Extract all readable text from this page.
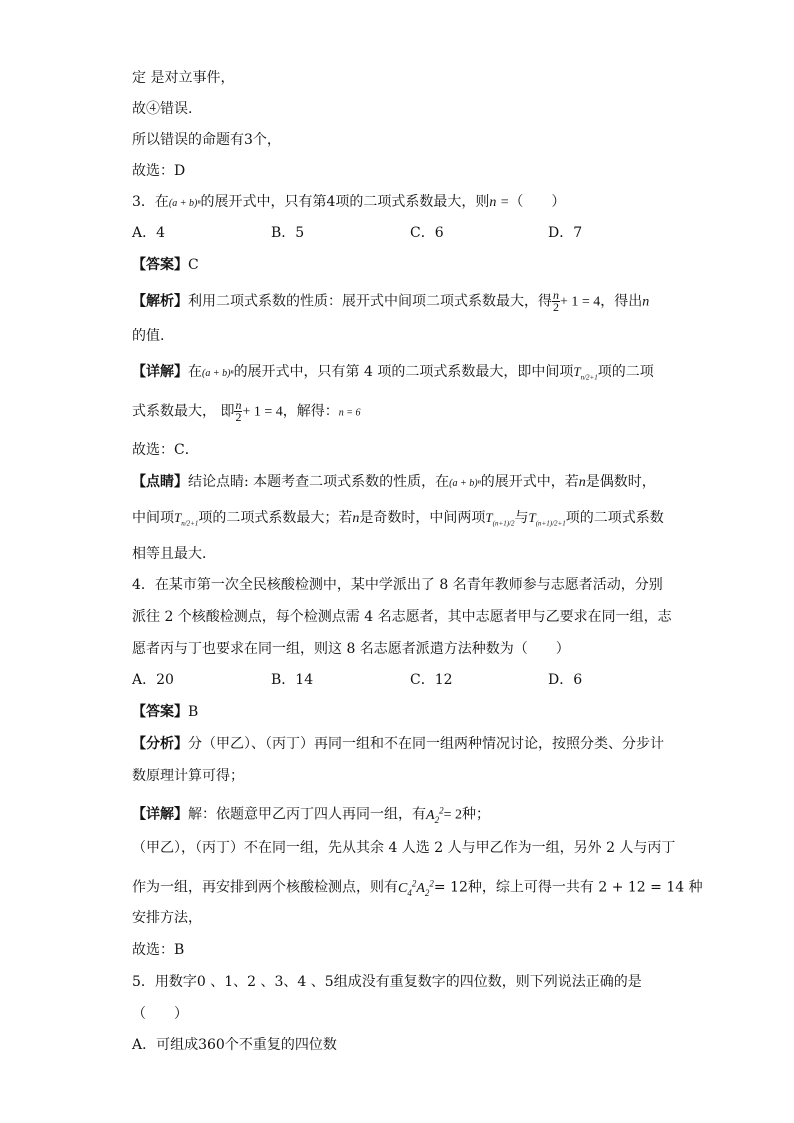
定 是对立事件，
故④错误.
所以错误的命题有3个，
故选：D
3．在(a + b)ⁿ的展开式中，只有第4项的二项式系数最大，则n =（　　）
A．4	B．5	C．6	D．7
【答案】C
【解析】利用二项式系数的性质：展开式中间项二项式系数最大，得 $\frac{n}{2} + 1 = 4$，得出n
的值.
【详解】在(a + b)ⁿ的展开式中，只有第 4 项的二项式系数最大，即中间项$T_{n/2+1}$项的二项
式系数最大， 即 $\frac{n}{2} + 1 = 4$，解得：n = 6
故选：C．
【点睛】结论点睛: 本题考查二项式系数的性质，在(a + b)ⁿ的展开式中，若n是偶数时，
中间项$T_{n/2+1}$项的二项式系数最大；若n是奇数时，中间两项$T_{(n+1)/2}$与$T_{(n+1)/2+1}$项的二项式系数
相等且最大．
4．在某市第一次全民核酸检测中，某中学派出了 8 名青年教师参与志愿者活动，分别
派往 2 个核酸检测点，每个检测点需 4 名志愿者，其中志愿者甲与乙要求在同一组，志
愿者丙与丁也要求在同一组，则这 8 名志愿者派遣方法种数为（　　）
A．20	B．14	C．12	D．6
【答案】B
【分析】分（甲乙）、（丙丁）再同一组和不在同一组两种情况讨论，按照分类、分步计
数原理计算可得；
【详解】解：依题意甲乙丙丁四人再同一组，有$A_2^2= 2$种；
（甲乙），（丙丁）不在同一组，先从其余 4 人选 2 人与甲乙作为一组，另外 2 人与丙丁
作为一组，再安排到两个核酸检测点，则有$C_4^2A_2^2= 12$种，综上可得一共有 2 + 12 = 14 种
安排方法，
故选：B
5．用数字0 、1、2 、3、4 、5组成没有重复数字的四位数，则下列说法正确的是
（　　）
A．可组成360个不重复的四位数
